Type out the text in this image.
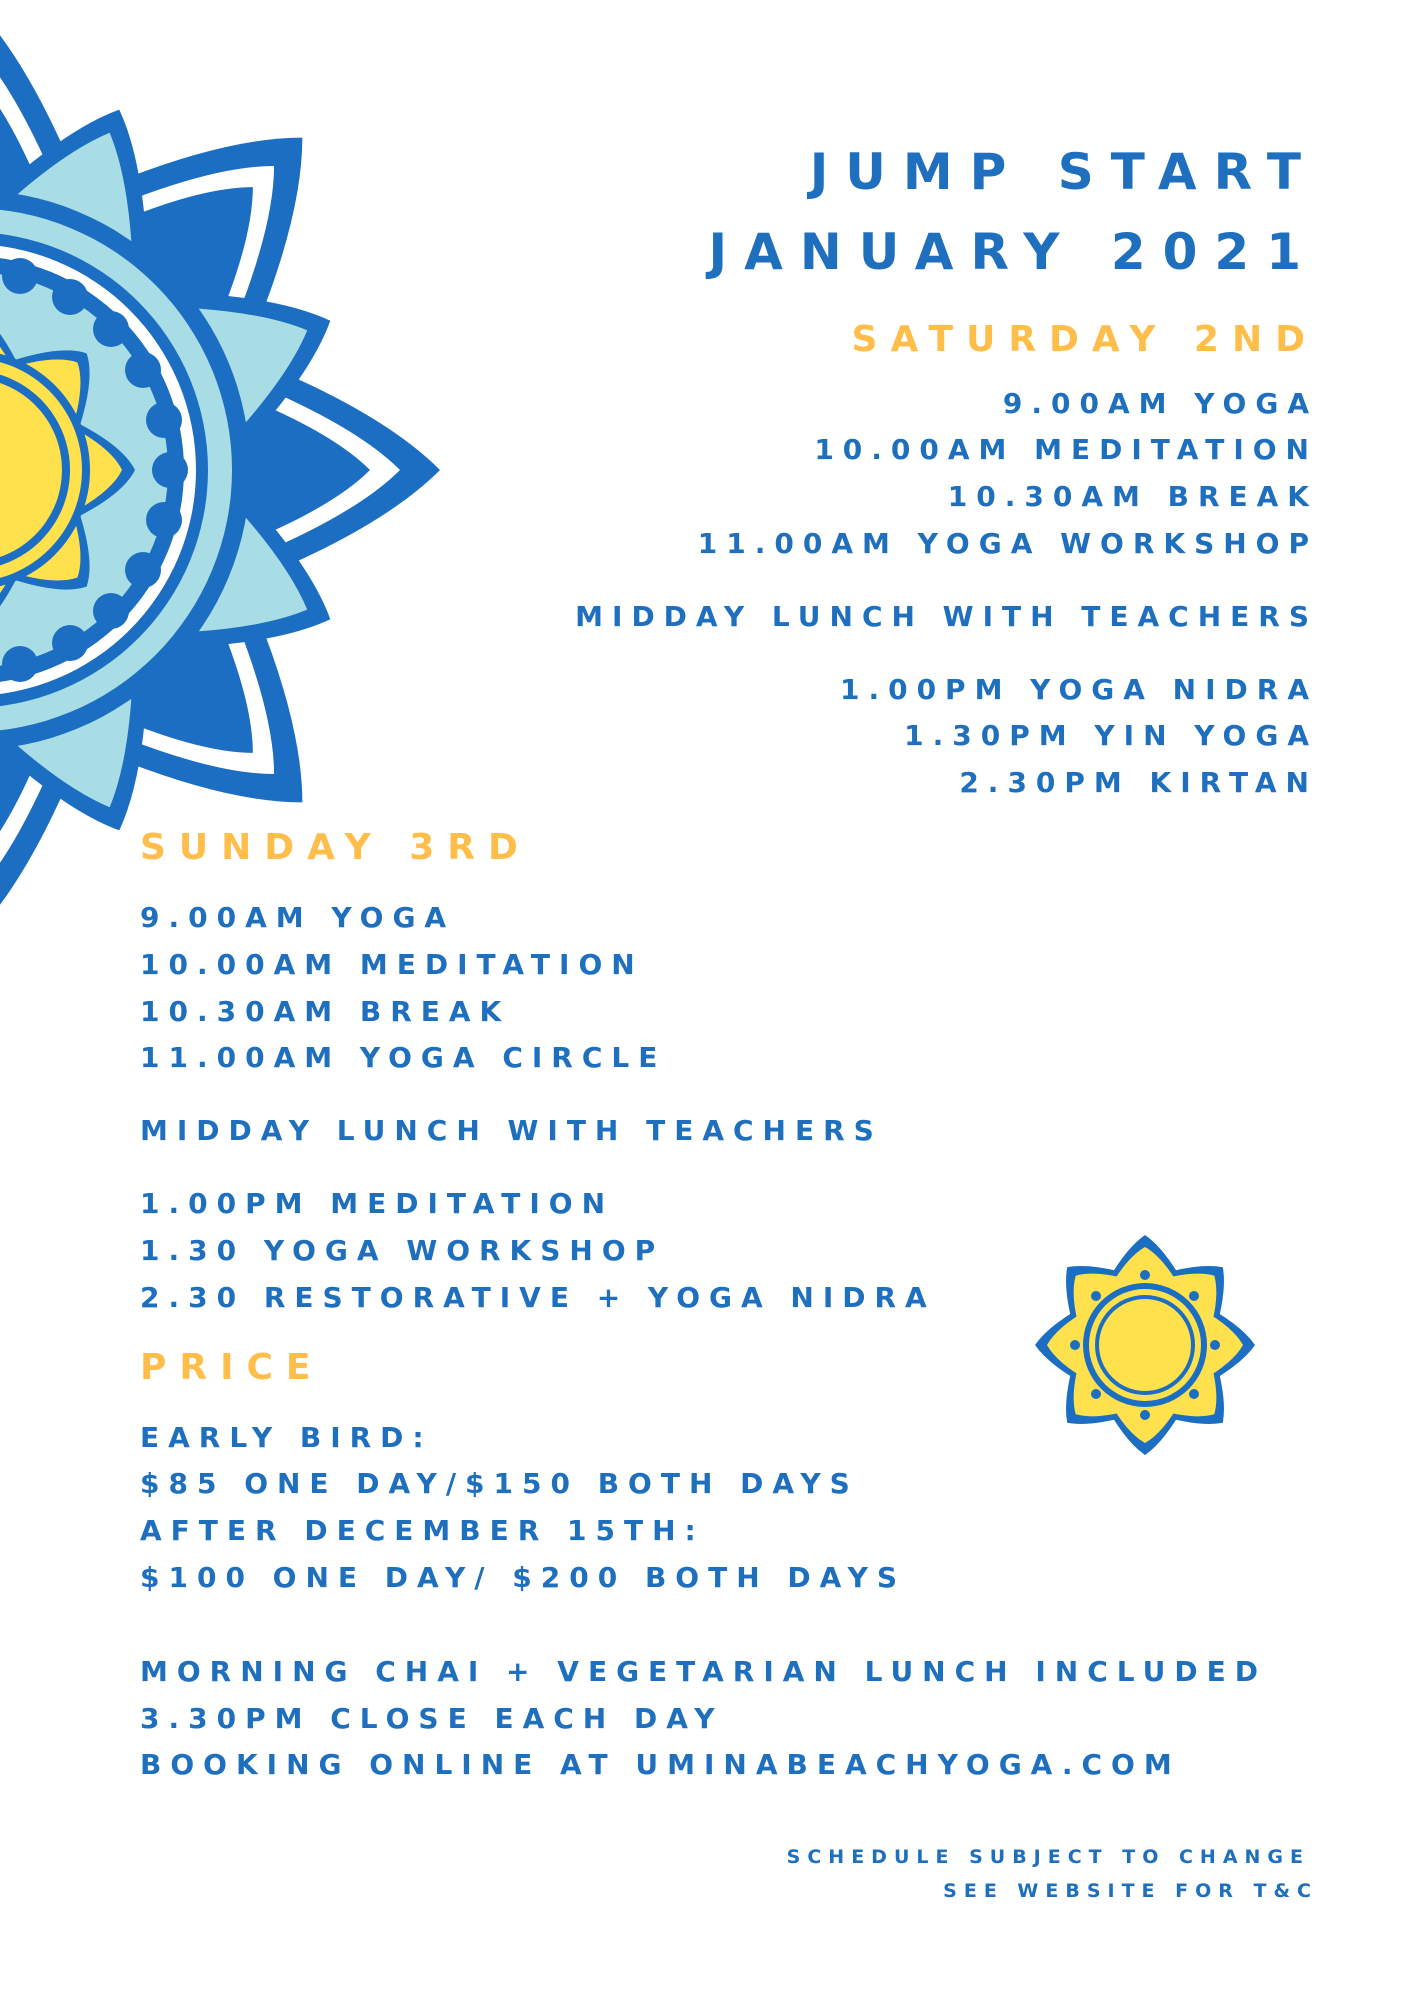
JUMP START
JANUARY 2021
SATURDAY 2ND
9.00AM YOGA
10.00AM MEDITATION
10.30AM BREAK
11.00AM YOGA WORKSHOP
MIDDAY LUNCH WITH TEACHERS
1.00PM YOGA NIDRA
1.30PM YIN YOGA
2.30PM KIRTAN
SUNDAY 3RD
9.00AM YOGA
10.00AM MEDITATION
10.30AM BREAK
11.00AM YOGA CIRCLE
MIDDAY LUNCH WITH TEACHERS
1.00PM MEDITATION
1.30 YOGA WORKSHOP
2.30 RESTORATIVE + YOGA NIDRA
PRICE
EARLY BIRD:
$85 ONE DAY/$150 BOTH DAYS
AFTER DECEMBER 15TH:
$100 ONE DAY/ $200 BOTH DAYS
MORNING CHAI + VEGETARIAN LUNCH INCLUDED
3.30PM CLOSE EACH DAY
BOOKING ONLINE AT UMINABEACHYOGA.COM
SCHEDULE SUBJECT TO CHANGE
SEE WEBSITE FOR T&C
